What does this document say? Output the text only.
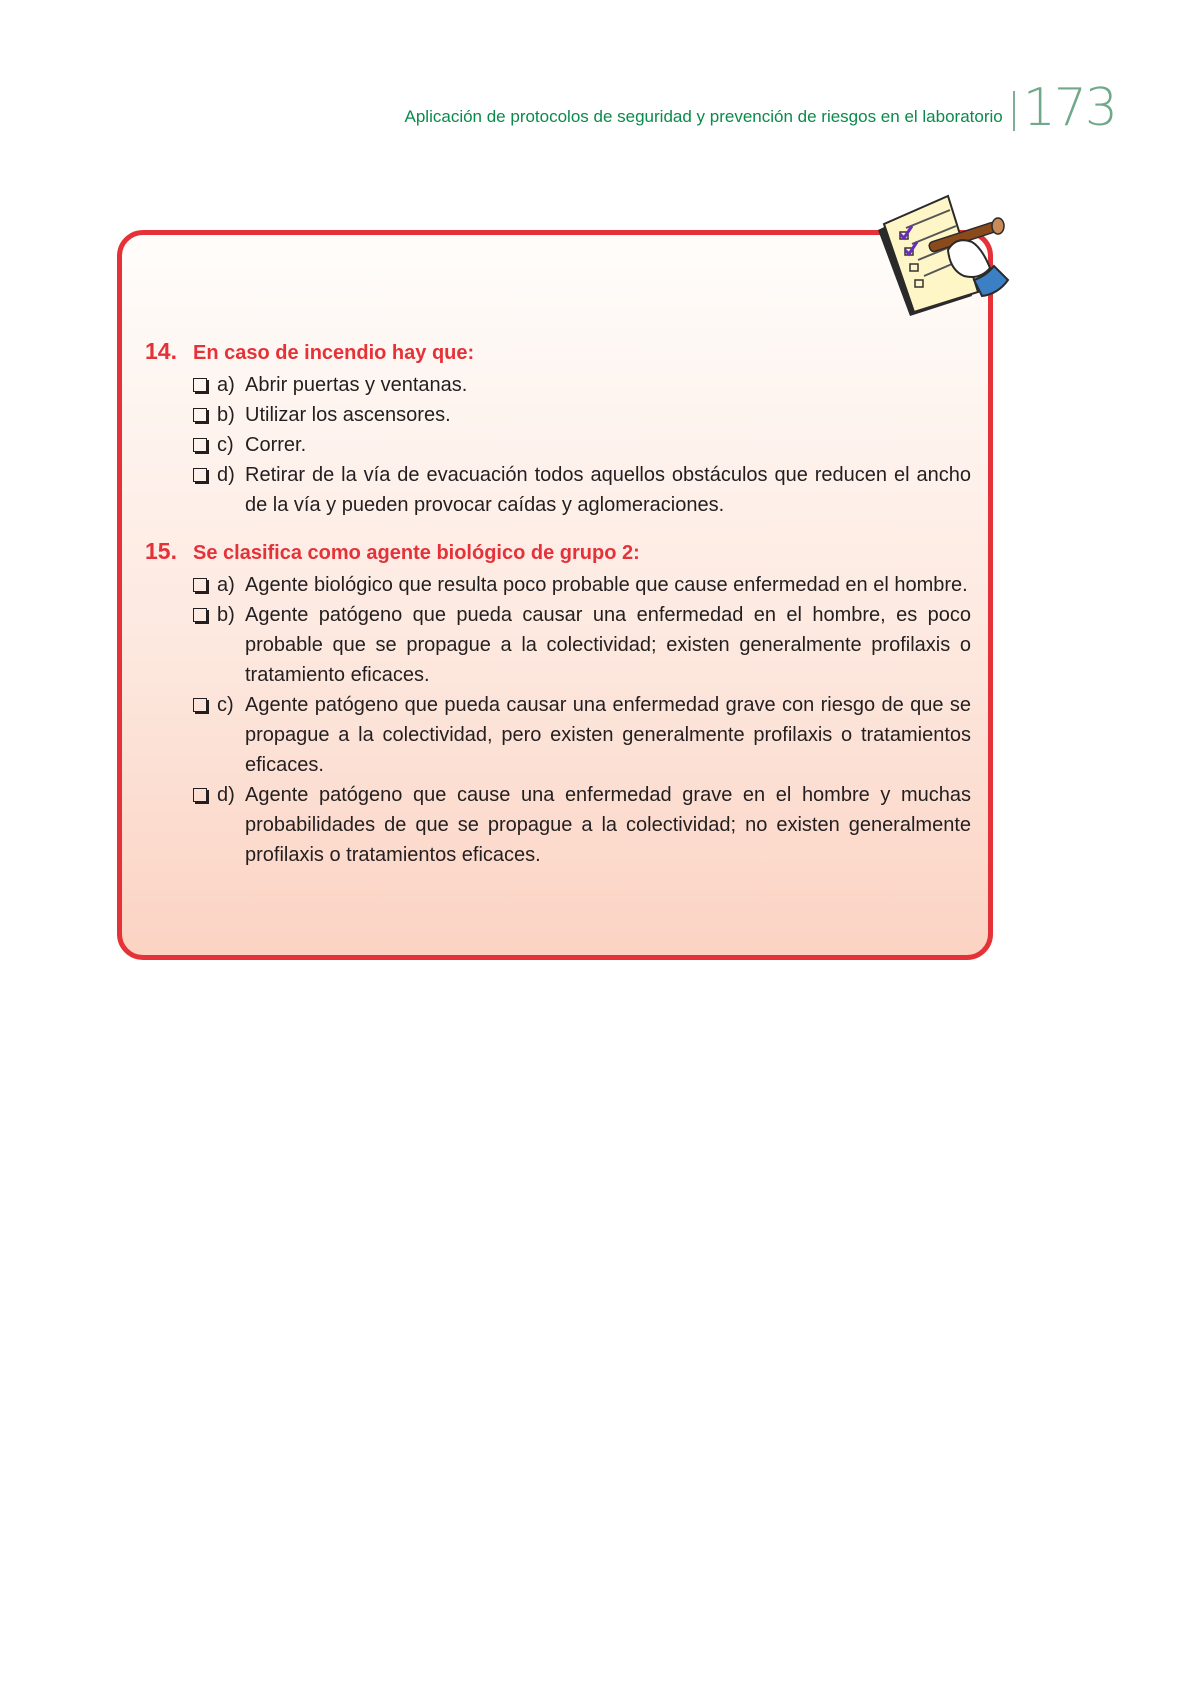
Aplicación de protocolos de seguridad y prevención de riesgos en el laboratorio 173
14. En caso de incendio hay que:
a) Abrir puertas y ventanas.
b) Utilizar los ascensores.
c) Correr.
d) Retirar de la vía de evacuación todos aquellos obstáculos que reducen el ancho de la vía y pueden provocar caídas y aglomeraciones.
15. Se clasifica como agente biológico de grupo 2:
a) Agente biológico que resulta poco probable que cause enfermedad en el hombre.
b) Agente patógeno que pueda causar una enfermedad en el hombre, es poco probable que se propague a la colectividad; existen generalmente profilaxis o tratamiento eficaces.
c) Agente patógeno que pueda causar una enfermedad grave con riesgo de que se propague a la colectividad, pero existen generalmente profilaxis o tratamientos eficaces.
d) Agente patógeno que cause una enfermedad grave en el hombre y muchas probabilidades de que se propague a la colectividad; no existen generalmente profilaxis o tratamientos eficaces.
